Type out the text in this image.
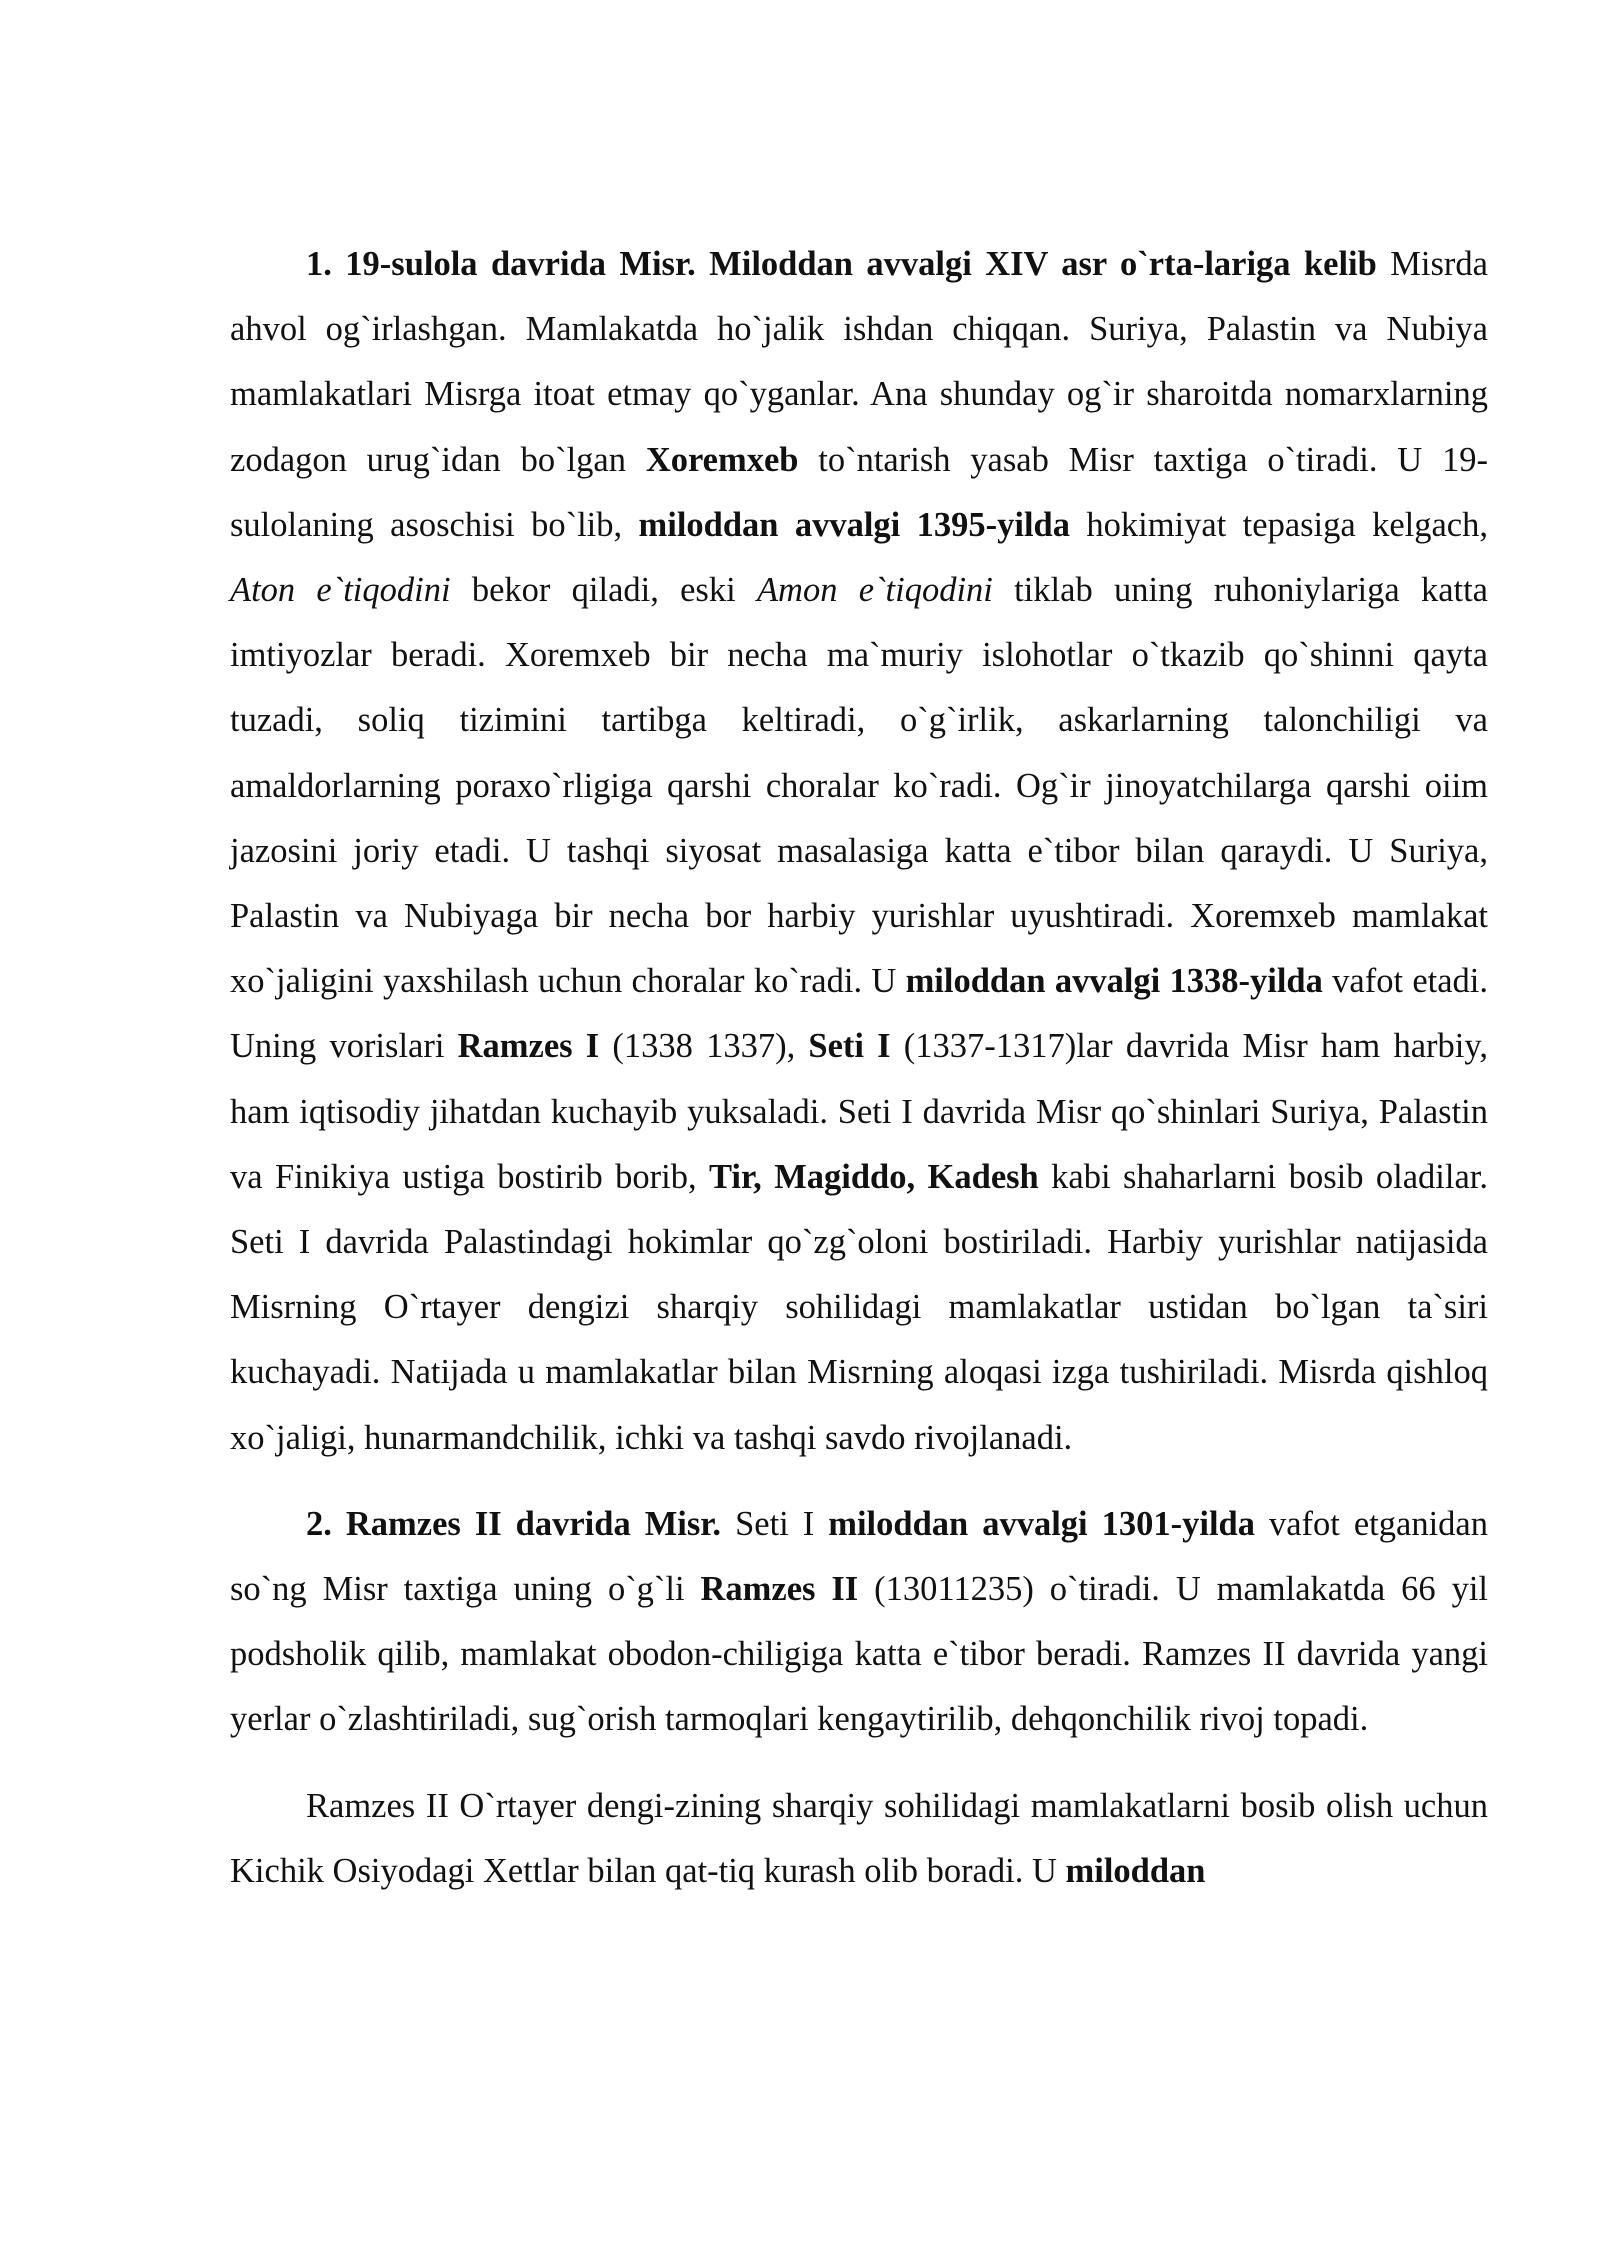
1. 19-sulola davrida Misr. Miloddan avvalgi XIV asr o`rta-lariga kelib Misrda ahvol og`irlashgan. Mamlakatda ho`jalik ishdan chiqqan. Suriya, Palastin va Nubiya mamlakatlari Misrga itoat etmay qo`yganlar. Ana shunday og`ir sharoitda nomarxlarning zodagon urug`idan bo`lgan Xoremxeb to`ntarish yasab Misr taxtiga o`tiradi. U 19-sulolaning asoschisi bo`lib, miloddan avvalgi 1395-yilda hokimiyat tepasiga kelgach, Aton e`tiqodini bekor qiladi, eski Amon e`tiqodini tiklab uning ruhoniylariga katta imtiyozlar beradi. Xoremxeb bir necha ma`muriy islohotlar o`tkazib qo`shinni qayta tuzadi, soliq tizimini tartibga keltiradi, o`g`irlik, askarlarning talonchiligi va amaldorlarning poraxo`rligiga qarshi choralar ko`radi. Og`ir jinoyatchilarga qarshi oiim jazosini joriy etadi. U tashqi siyosat masalasiga katta e`tibor bilan qaraydi. U Suriya, Palastin va Nubiyaga bir necha bor harbiy yurishlar uyushtiradi. Xoremxeb mamlakat xo`jaligini yaxshilash uchun choralar ko`radi. U miloddan avvalgi 1338-yilda vafot etadi. Uning vorislari Ramzes I (1338 1337), Seti I (1337-1317)lar davrida Misr ham harbiy, ham iqtisodiy jihatdan kuchayib yuksaladi. Seti I davrida Misr qo`shinlari Suriya, Palastin va Finikiya ustiga bostirib borib, Tir, Magiddo, Kadesh kabi shaharlarni bosib oladilar. Seti I davrida Palastindagi hokimlar qo`zg`oloni bostiriladi. Harbiy yurishlar natijasida Misrning O`rtayer dengizi sharqiy sohilidagi mamlakatlar ustidan bo`lgan ta`siri kuchayadi. Natijada u mamlakatlar bilan Misrning aloqasi izga tushiriladi. Misrda qishloq xo`jaligi, hunarmandchilik, ichki va tashqi savdo rivojlanadi.

2. Ramzes II davrida Misr. Seti I miloddan avvalgi 1301-yilda vafot etganidan so`ng Misr taxtiga uning o`g`li Ramzes II (13011235) o`tiradi. U mamlakatda 66 yil podsholik qilib, mamlakat obodon-chiligiga katta e`tibor beradi. Ramzes II davrida yangi yerlar o`zlashtiriladi, sug`orish tarmoqlari kengaytirilib, dehqonchilik rivoj topadi.

Ramzes II O`rtayer dengi-zining sharqiy sohilidagi mamlakatlarni bosib olish uchun Kichik Osiyodagi Xettlar bilan qat-tiq kurash olib boradi. U miloddan
